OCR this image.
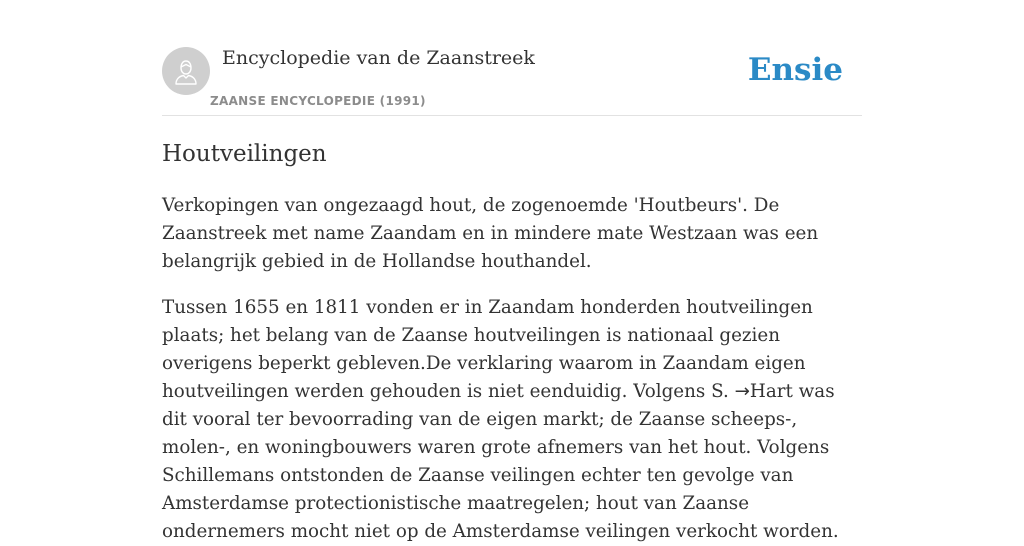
Encyclopedie van de Zaanstreek
ZAANSE ENCYCLOPEDIE (1991)
Ensie
Houtveilingen

Verkopingen van ongezaagd hout, de zogenoemde 'Houtbeurs'. De Zaanstreek met name Zaandam en in mindere mate Westzaan was een belangrijk gebied in de Hollandse houthandel.

Tussen 1655 en 1811 vonden er in Zaandam honderden houtveilingen plaats; het belang van de Zaanse houtveilingen is nationaal gezien overigens beperkt gebleven.De verklaring waarom in Zaandam eigen houtveilingen werden gehouden is niet eenduidig. Volgens S. →Hart was dit vooral ter bevoorrading van de eigen markt; de Zaanse scheeps-, molen-, en woningbouwers waren grote afnemers van het hout. Volgens Schillemans ontstonden de Zaanse veilingen echter ten gevolge van Amsterdamse protectionistische maatregelen; hout van Zaanse ondernemers mocht niet op de Amsterdamse veilingen verkocht worden.
